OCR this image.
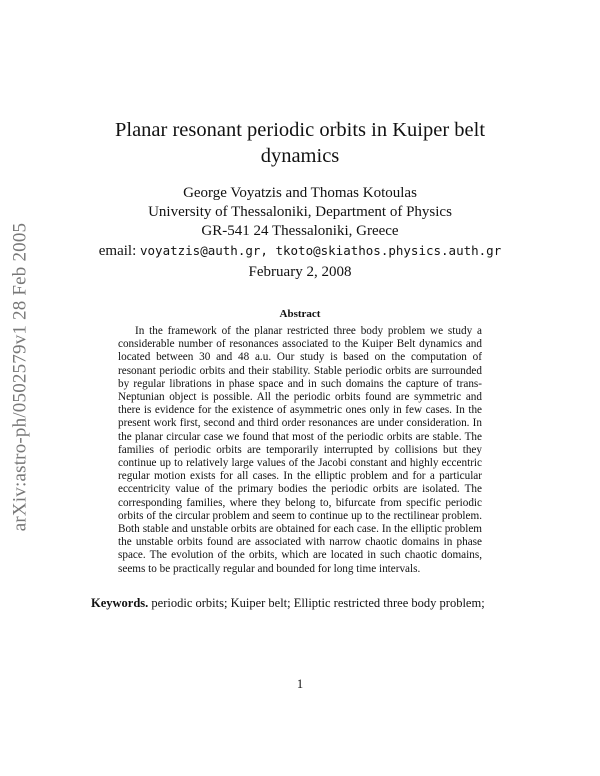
arXiv:astro-ph/0502579v1 28 Feb 2005
Planar resonant periodic orbits in Kuiper belt dynamics
George Voyatzis and Thomas Kotoulas
University of Thessaloniki, Department of Physics
GR-541 24 Thessaloniki, Greece
email: voyatzis@auth.gr, tkoto@skiathos.physics.auth.gr
February 2, 2008
Abstract

In the framework of the planar restricted three body problem we study a considerable number of resonances associated to the Kuiper Belt dynamics and located between 30 and 48 a.u. Our study is based on the computation of resonant periodic orbits and their stability. Stable periodic orbits are surrounded by regular librations in phase space and in such domains the capture of trans-Neptunian object is possible. All the periodic orbits found are symmetric and there is evidence for the existence of asymmetric ones only in few cases. In the present work first, second and third order resonances are under consideration. In the planar circular case we found that most of the periodic orbits are stable. The families of periodic orbits are temporarily interrupted by collisions but they continue up to relatively large values of the Jacobi constant and highly eccentric regular motion exists for all cases. In the elliptic problem and for a particular eccentricity value of the primary bodies the periodic orbits are isolated. The corresponding families, where they belong to, bifurcate from specific periodic orbits of the circular problem and seem to continue up to the rectilinear problem. Both stable and unstable orbits are obtained for each case. In the elliptic problem the unstable orbits found are associated with narrow chaotic domains in phase space. The evolution of the orbits, which are located in such chaotic domains, seems to be practically regular and bounded for long time intervals.

Keywords. periodic orbits; Kuiper belt; Elliptic restricted three body problem;
1
